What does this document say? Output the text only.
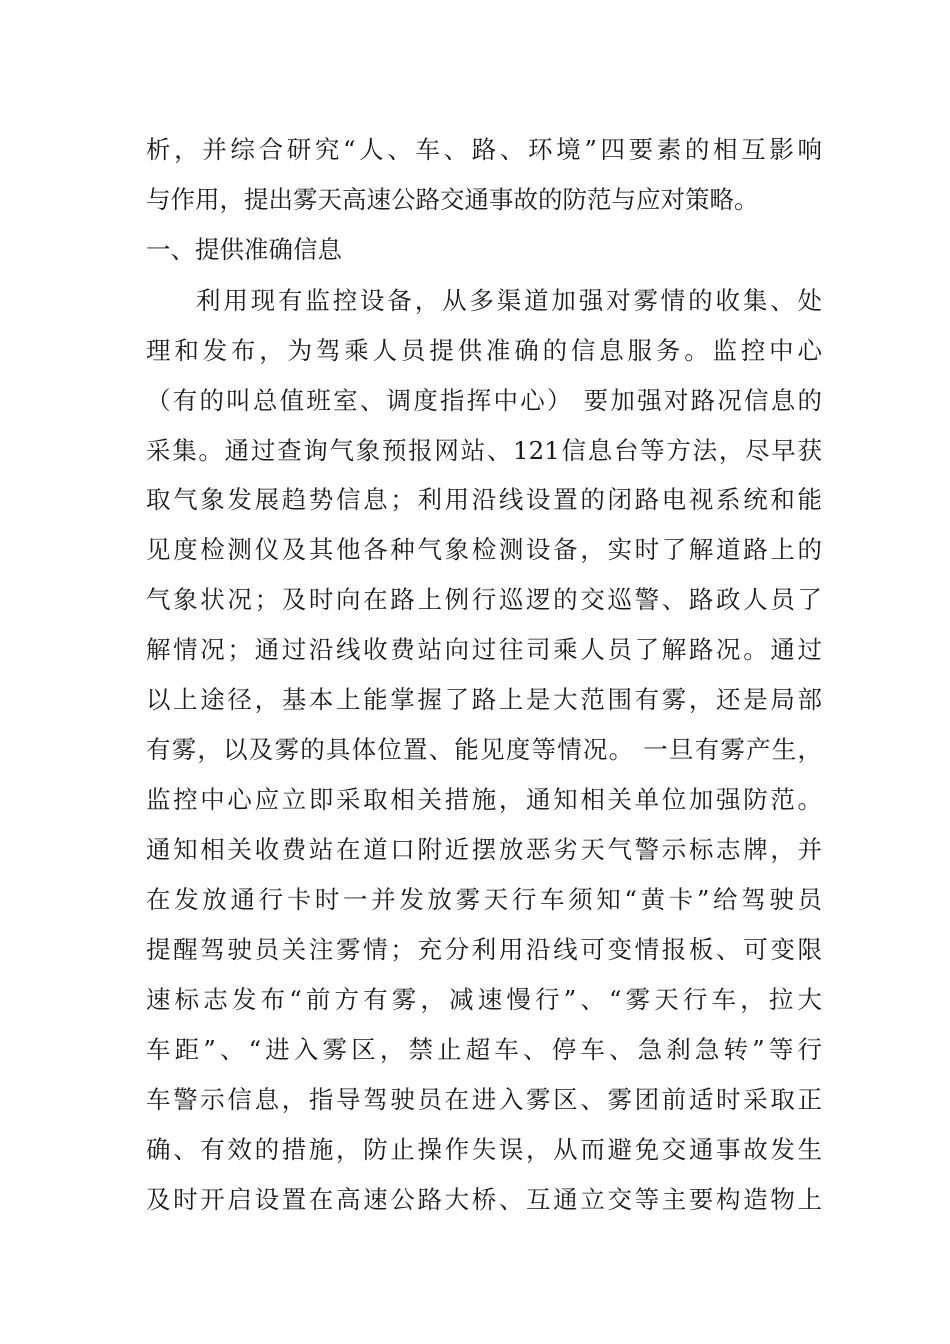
析，并综合研究“人、车、路、环境”四要素的相互影响
与作用，提出雾天高速公路交通事故的防范与应对策略。
一、提供准确信息
利用现有监控设备，从多渠道加强对雾情的收集、处
理和发布，为驾乘人员提供准确的信息服务。监控中心
（有的叫总值班室、调度指挥中心） 要加强对路况信息的
采集。通过查询气象预报网站、121信息台等方法，尽早获
取气象发展趋势信息；利用沿线设置的闭路电视系统和能
见度检测仪及其他各种气象检测设备，实时了解道路上的
气象状况；及时向在路上例行巡逻的交巡警、路政人员了
解情况；通过沿线收费站向过往司乘人员了解路况。通过
以上途径，基本上能掌握了路上是大范围有雾，还是局部
有雾，以及雾的具体位置、能见度等情况。 一旦有雾产生，
监控中心应立即采取相关措施，通知相关单位加强防范。
通知相关收费站在道口附近摆放恶劣天气警示标志牌，并
在发放通行卡时一并发放雾天行车须知“黄卡”给驾驶员
提醒驾驶员关注雾情；充分利用沿线可变情报板、可变限
速标志发布“前方有雾，减速慢行”、“雾天行车，拉大
车距”、“进入雾区，禁止超车、停车、急刹急转”等行
车警示信息，指导驾驶员在进入雾区、雾团前适时采取正
确、有效的措施，防止操作失误，从而避免交通事故发生
及时开启设置在高速公路大桥、互通立交等主要构造物上
